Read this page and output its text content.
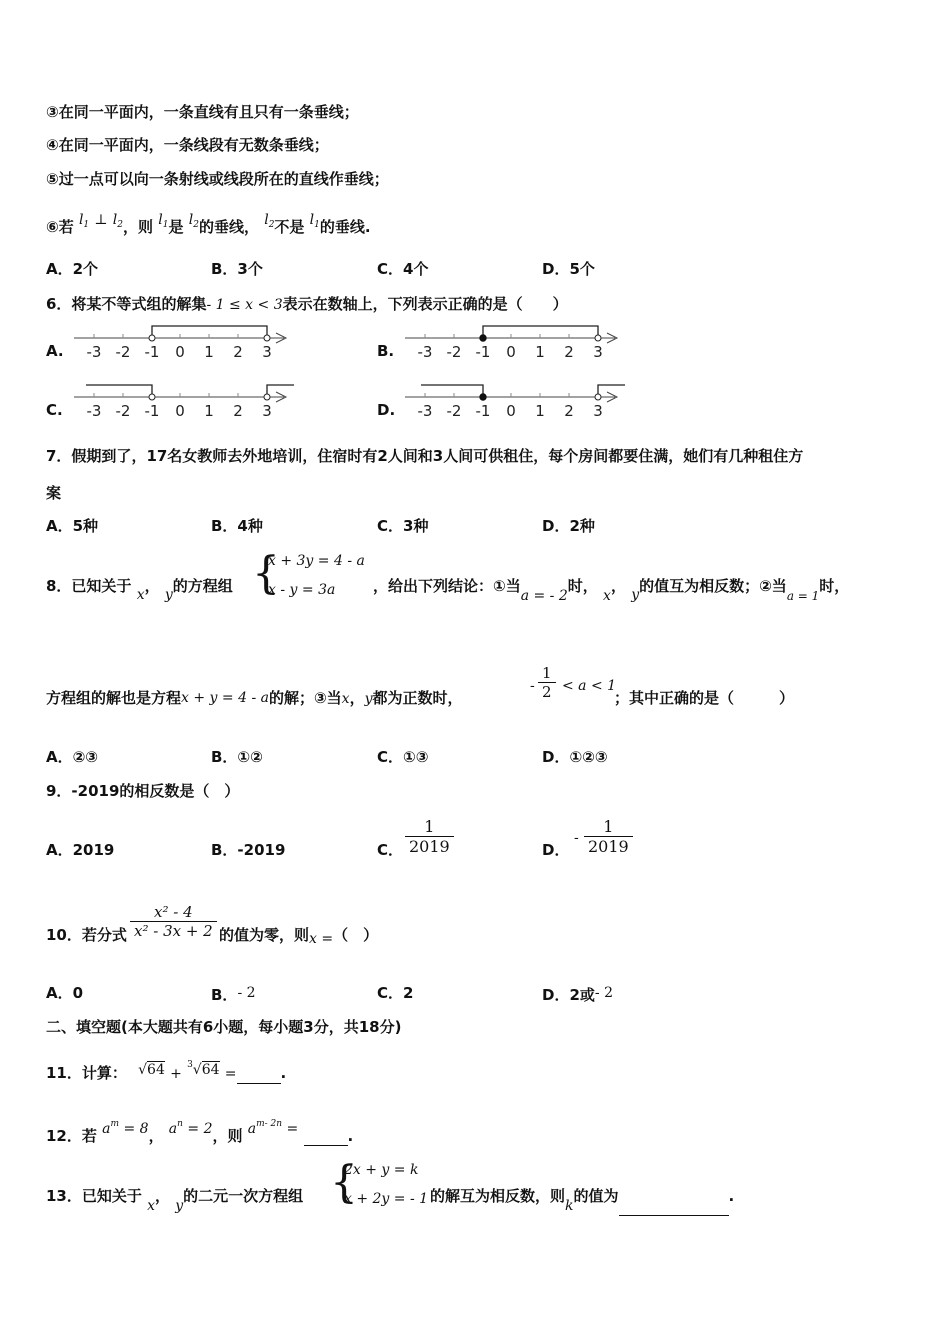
③在同一平面内，一条直线有且只有一条垂线；
④在同一平面内，一条线段有无数条垂线；
⑤过一点可以向一条射线或线段所在的直线作垂线；
⑥若 $l_1$ ⊥ $l_2$，则 $l_1$是 $l_2$的垂线， $l_2$不是 $l_1$的垂线.
A．2个	B．3个	C．4个	D．5个
6．将某不等式组的解集- 1 ≤ x < 3表示在数轴上，下列表示正确的是（　　）
A.	B.
C.	D.
-3 -2 -1 0 1 2 3	-3 -2 -1 0 1 2 3
-3 -2 -1 0 1 2 3	-3 -2 -1 0 1 2 3
7．假期到了，17名女教师去外地培训，住宿时有2人间和3人间可供租住，每个房间都要住满，她们有几种租住方
案
A．5种	B．4种	C．3种	D．2种
8．已知关于 x， y的方程组 {
x + 3y = 4 - a
x - y = 3a	，给出下列结论：①当a = - 2时， x， y的值互为相反数；②当$_{a = 1}$时，
方程组的解也是方程x + y = 4 - a的解；③当x，y都为正数时，
-
1
2 < a < 1
；其中正确的是（　　　）
A．②③	B．①②	C．①③	D．①②③
9．-2019的相反数是（　）
A．2019	B．-2019	C．
1
2019	D．
-
1
2019
10．若分式
x² - 4
x² - 3x + 2 的值为零，则x =（　）
A．0	B．- 2	C．2	D．2或- 2
二、填空题(本大题共有6小题，每小题3分，共18分)
11．计算： √64 + $^3$√64 =	.
12．若 $a^m = 8$， $a^n = 2$，则 $a^{m- 2n}$ =	.
13．已知关于 x， y的二元一次方程组 {
2x + y = k
x + 2y = - 1 的解互为相反数，则k的值为	.
